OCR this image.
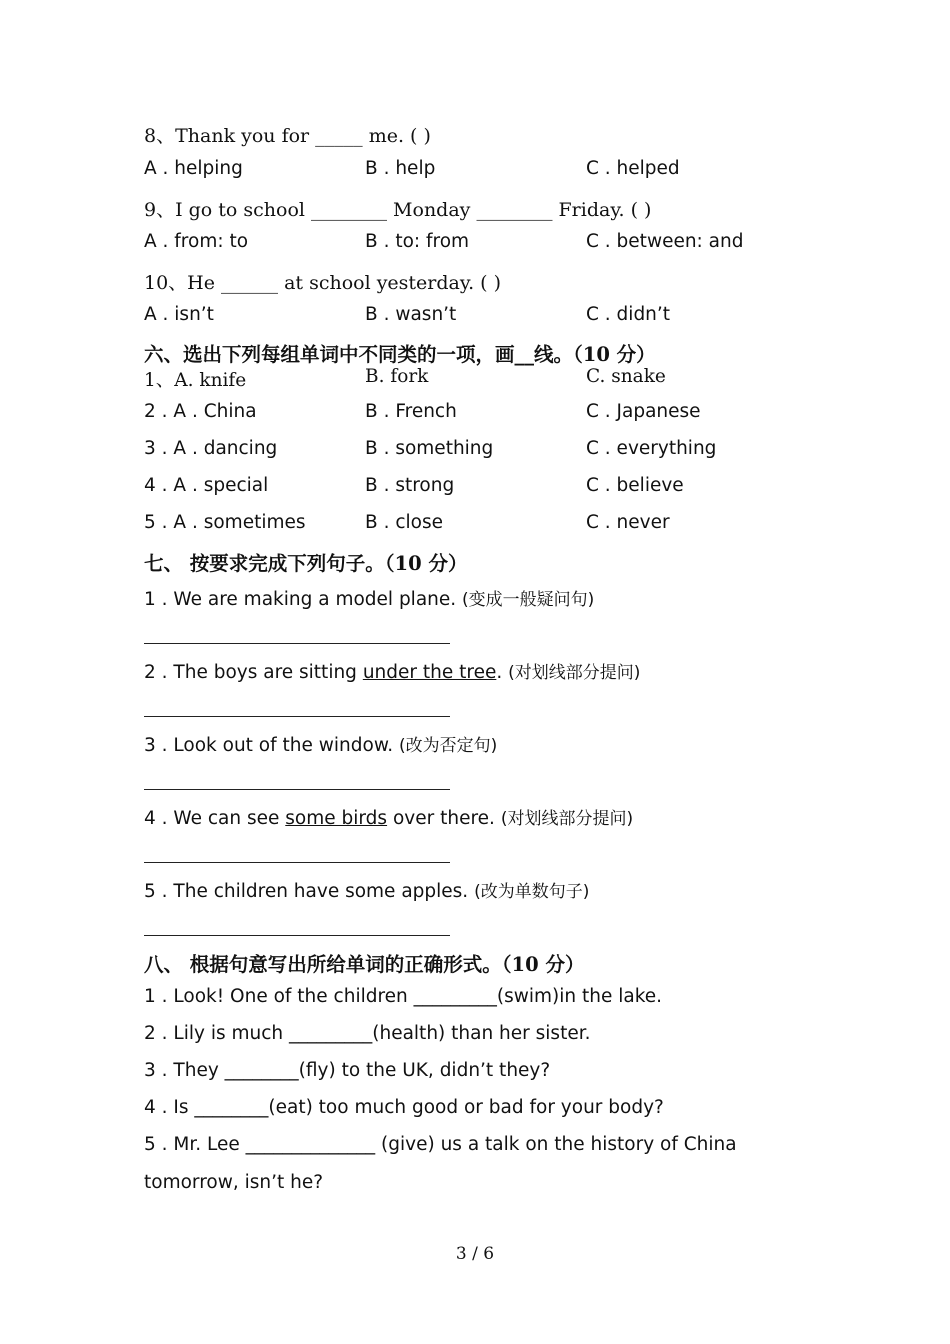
8、Thank you for _____ me. ( )
A . helping	B . help	C . helped
9、I go to school ________ Monday ________ Friday. ( )
A . from: to	B . to: from	C . between: and
10、He ______ at school yesterday. ( )
A . isn’t	B . wasn’t	C . didn’t
六、选出下列每组单词中不同类的一项，画__线。（10 分）
1、A. knife	B. fork	C. snake
2 . A . China	B . French	C . Japanese
3 . A . dancing	B . something	C . everything
4 . A . special	B . strong	C . believe
5 . A . sometimes	B . close	C . never
七、 按要求完成下列句子。（10 分）
1 . We are making a model plane. (变成一般疑问句)
2 . The boys are sitting under the tree. (对划线部分提问)
3 . Look out of the window. (改为否定句)
4 . We can see some birds over there. (对划线部分提问)
5 . The children have some apples. (改为单数句子)
八、 根据句意写出所给单词的正确形式。（10 分）
1 . Look! One of the children _________(swim)in the lake.
2 . Lily is much _________(health) than her sister.
3 . They ________(fly) to the UK, didn’t they?
4 . Is ________(eat) too much good or bad for your body?
5 . Mr. Lee ______________ (give) us a talk on the history of China
tomorrow, isn’t he?
3 / 6
